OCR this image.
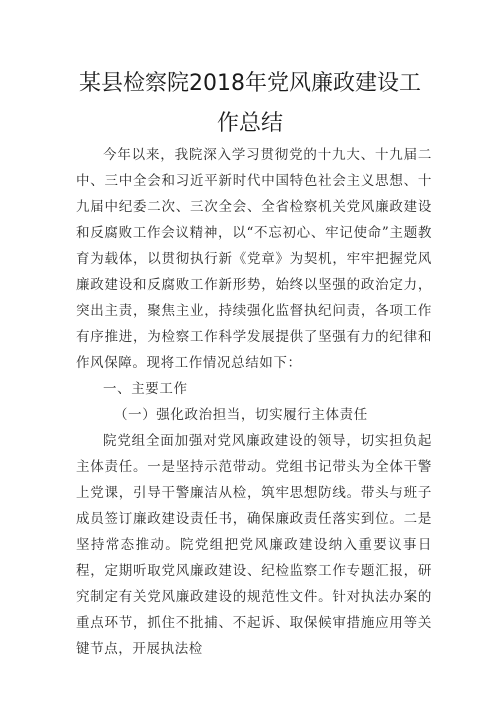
某县检察院2018年党风廉政建设工
作总结
今年以来，我院深入学习贯彻党的十九大、十九届二中、三中全会和习近平新时代中国特色社会主义思想、十九届中纪委二次、三次全会、全省检察机关党风廉政建设和反腐败工作会议精神，以“不忘初心、牢记使命”主题教育为载体，以贯彻执行新《党章》为契机，牢牢把握党风廉政建设和反腐败工作新形势，始终以坚强的政治定力，突出主责，聚焦主业，持续强化监督执纪问责，各项工作有序推进，为检察工作科学发展提供了坚强有力的纪律和作风保障。现将工作情况总结如下：
一、主要工作
（一）强化政治担当，切实履行主体责任
院党组全面加强对党风廉政建设的领导，切实担负起主体责任。一是坚持示范带动。党组书记带头为全体干警上党课，引导干警廉洁从检，筑牢思想防线。带头与班子成员签订廉政建设责任书，确保廉政责任落实到位。二是坚持常态推动。院党组把党风廉政建设纳入重要议事日程，定期听取党风廉政建设、纪检监察工作专题汇报，研究制定有关党风廉政建设的规范性文件。针对执法办案的重点环节，抓住不批捕、不起诉、取保候审措施应用等关键节点，开展执法检
